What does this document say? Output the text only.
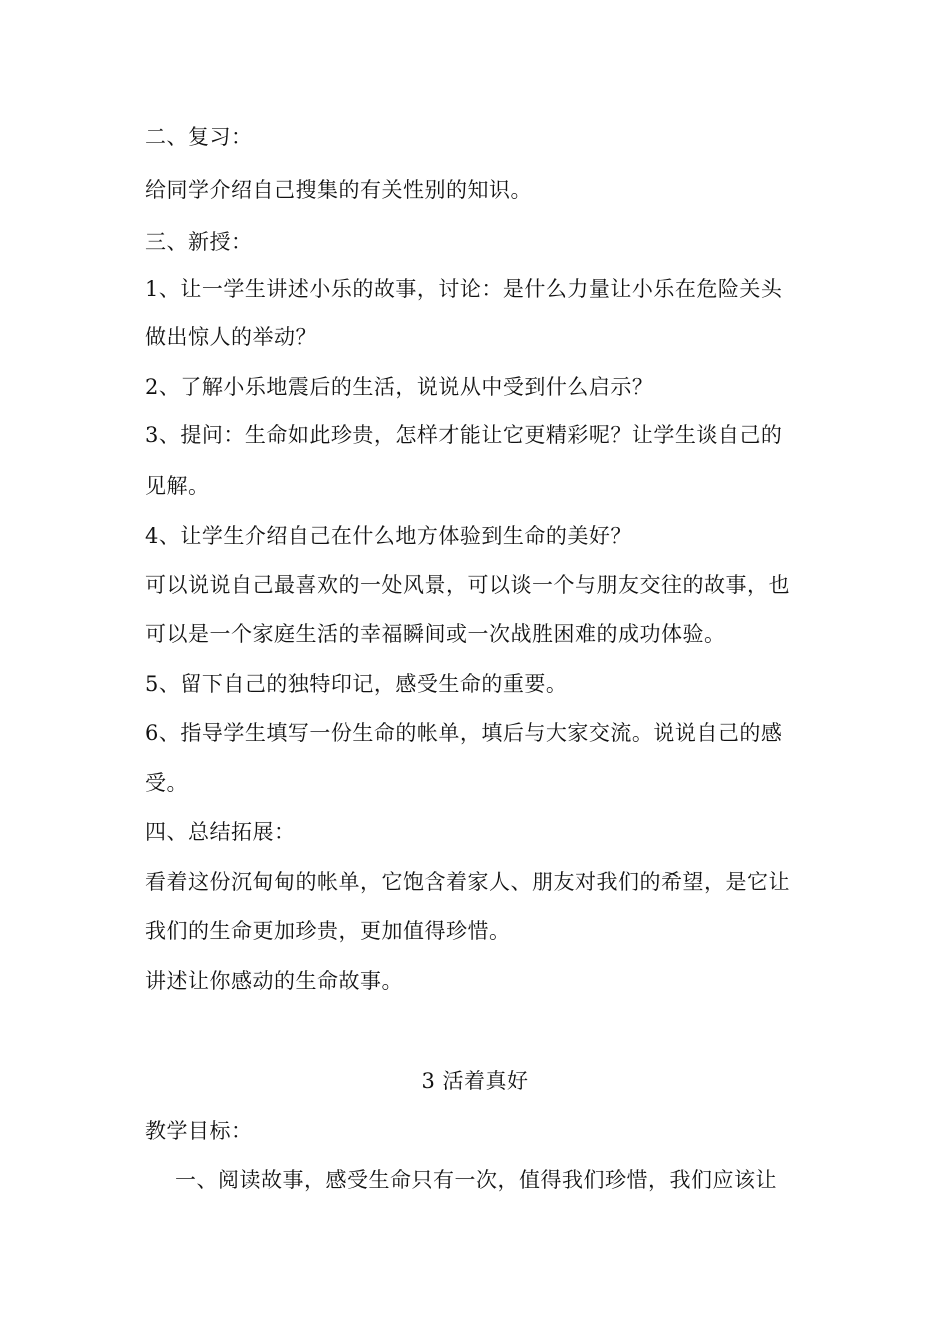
二、复习：
给同学介绍自己搜集的有关性别的知识。
三、新授：
1、让一学生讲述小乐的故事，讨论：是什么力量让小乐在危险关头
做出惊人的举动？
2、了解小乐地震后的生活，说说从中受到什么启示？
3、提问：生命如此珍贵，怎样才能让它更精彩呢？让学生谈自己的
见解。
4、让学生介绍自己在什么地方体验到生命的美好？
可以说说自己最喜欢的一处风景，可以谈一个与朋友交往的故事，也
可以是一个家庭生活的幸福瞬间或一次战胜困难的成功体验。
5、留下自己的独特印记，感受生命的重要。
6、指导学生填写一份生命的帐单，填后与大家交流。说说自己的感
受。
四、总结拓展：
看着这份沉甸甸的帐单，它饱含着家人、朋友对我们的希望，是它让
我们的生命更加珍贵，更加值得珍惜。
讲述让你感动的生命故事。
3 活着真好
教学目标：
一、阅读故事，感受生命只有一次，值得我们珍惜，我们应该让
